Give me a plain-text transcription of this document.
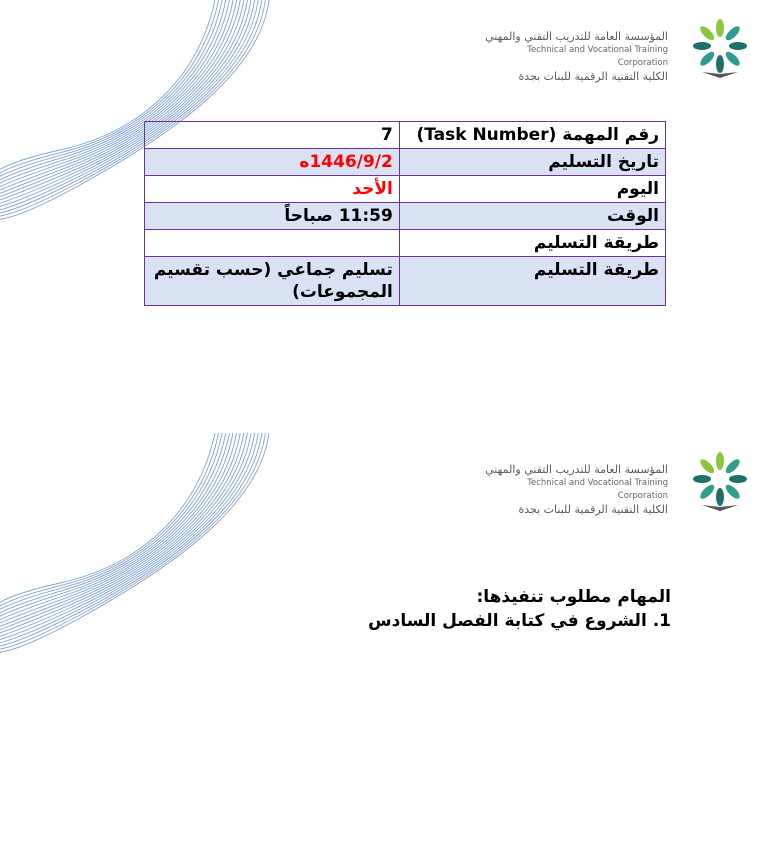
المؤسسة العامة للتدريب التقني والمهني
Technical and Vocational Training Corporation
الكلية التقنية الرقمية للبنات بجدة
رقم المهمة (Task Number)	7
تاريخ التسليم	1446/9/2ه
اليوم	الأحد
الوقت	11:59 صباحاً
طريقة التسليم	
طريقة التسليم	تسليم جماعي (حسب تقسيم المجموعات)
المؤسسة العامة للتدريب التقني والمهني
Technical and Vocational Training Corporation
الكلية التقنية الرقمية للبنات بجدة
المهام مطلوب تنفيذها:
1. الشروع في كتابة الفصل السادس
